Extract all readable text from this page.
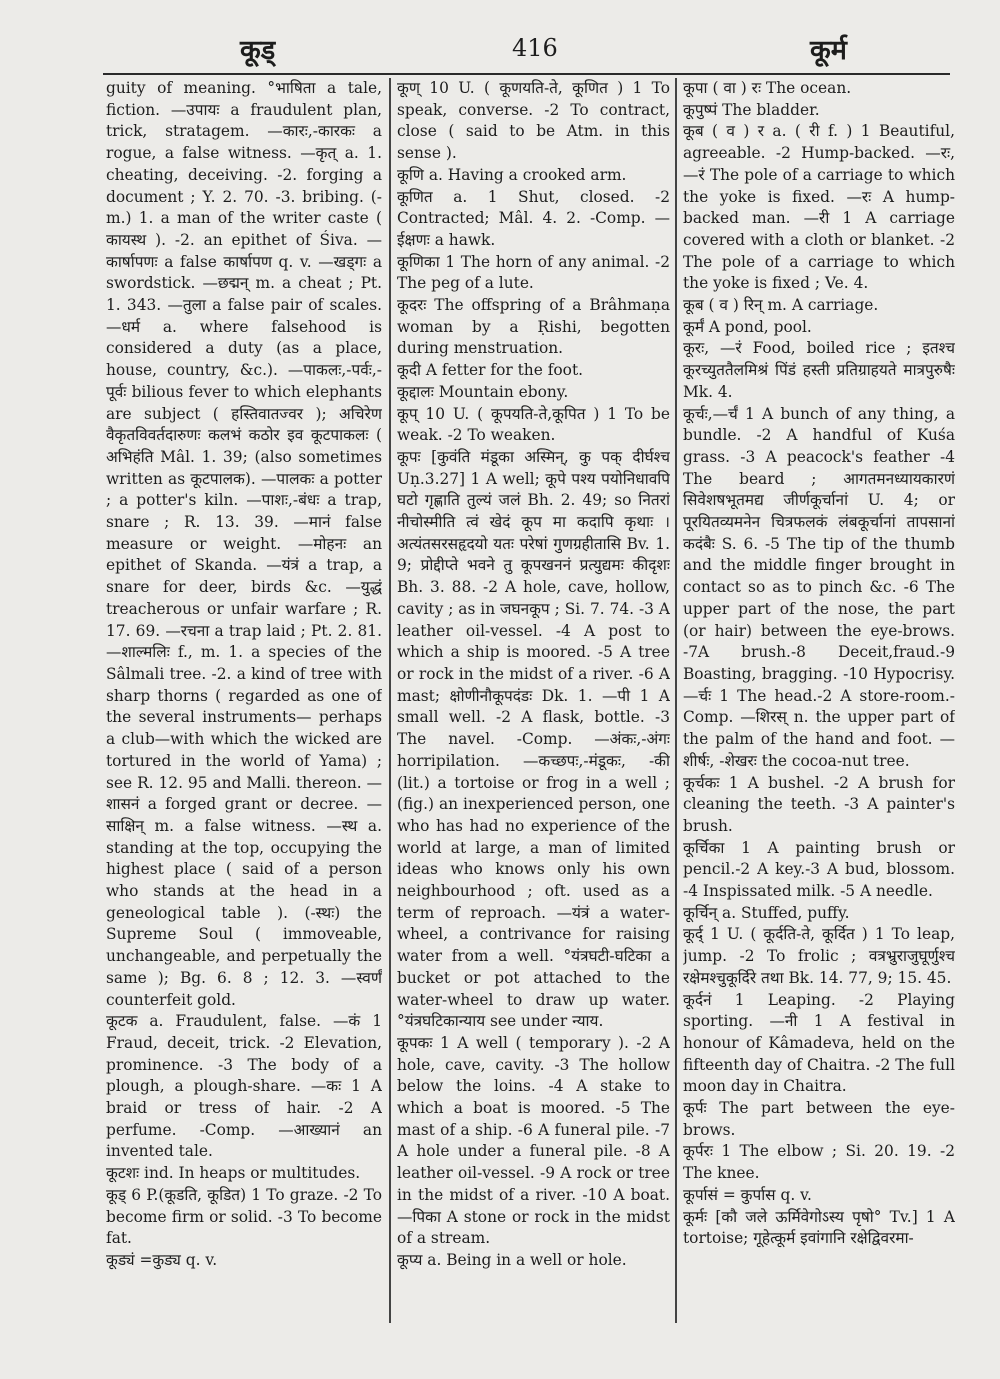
कूड्	416	कूर्म

guity of meaning. °भाषिता a tale, fiction. —उपायः a fraudulent plan, trick, stratagem. —कारः,-कारकः a rogue, a false witness. —कृत् a. 1. cheating, deceiving. -2. forging a document ; Y. 2. 70. -3. bribing. (-m.) 1. a man of the writer caste ( कायस्थ ). -2. an epithet of Śiva. —कार्षापणः a false कार्षापण q. v. —खड्गः a swordstick. —छद्मन् m. a cheat ; Pt. 1. 343. —तुला a false pair of scales. —धर्म a. where falsehood is considered a duty (as a place, house, country, &c.). —पाकलः,-पर्वः,-पूर्वः bilious fever to which elephants are subject ( हस्तिवातज्वर ); अचिरेण वैकृतविवर्तदारुणः कलभं कठोर इव कूटपाकलः ( अभिहंति Mâl. 1. 39; (also sometimes written as कूटपालक). —पालकः a potter ; a potter's kiln. —पाशः,-बंधः a trap, snare ; R. 13. 39. —मानं false measure or weight. —मोहनः an epithet of Skanda. —यंत्रं a trap, a snare for deer, birds &c. —युद्धं treacherous or unfair warfare ; R. 17. 69. —रचना a trap laid ; Pt. 2. 81. —शाल्मलिः f., m. 1. a species of the Sâlmali tree. -2. a kind of tree with sharp thorns ( regarded as one of the several instruments— perhaps a club—with which the wicked are tortured in the world of Yama) ; see R. 12. 95 and Malli. thereon. —शासनं a forged grant or decree. —साक्षिन् m. a false witness. —स्थ a. standing at the top, occupying the highest place ( said of a person who stands at the head in a geneological table ). (-स्थः) the Supreme Soul ( immoveable, unchangeable, and perpetually the same ); Bg. 6. 8 ; 12. 3. —स्वर्णं counterfeit gold.

कूटक a. Fraudulent, false. —कं 1 Fraud, deceit, trick. -2 Elevation, prominence. -3 The body of a plough, a plough-share. —कः 1 A braid or tress of hair. -2 A perfume. -Comp. —आख्यानं an invented tale.

कूटशः ind. In heaps or multitudes.

कूड् 6 P.(कूडति, कूडित) 1 To graze. -2 To become firm or solid. -3 To become fat.

कूड्यं =कुड्य q. v.

कूण् 10 U. ( कूणयति-ते, कूणित ) 1 To speak, converse. -2 To contract, close ( said to be Atm. in this sense ).

कूणि a. Having a crooked arm.

कूणित a. 1 Shut, closed. -2 Contracted; Mâl. 4. 2. -Comp. —ईक्षणः a hawk.

कूणिका 1 The horn of any animal. -2 The peg of a lute.

कूदरः The offspring of a Brâhmaṇa woman by a Ṛishi, begotten during menstruation.

कूदी A fetter for the foot.

कूद्दालः Mountain ebony.

कूप् 10 U. ( कूपयति-ते,कूपित ) 1 To be weak. -2 To weaken.

कूपः [कुवंति मंडूका अस्मिन्, कु पक् दीर्घश्च Uṇ.3.27] 1 A well; कूपे पश्य पयोनिधावपि घटो गृह्णाति तुल्यं जलं Bh. 2. 49; so नितरां नीचोस्मीति त्वं खेदं कूप मा कदापि कृथाः । अत्यंतसरसहृदयो यतः परेषां गुणग्रहीतासि Bv. 1. 9; प्रोद्दीप्ते भवने तु कूपखननं प्रत्युद्यमः कीदृशः Bh. 3. 88. -2 A hole, cave, hollow, cavity ; as in जघनकूप ; Si. 7. 74. -3 A leather oil-vessel. -4 A post to which a ship is moored. -5 A tree or rock in the midst of a river. -6 A mast; क्षोणीनौकूपदंडः Dk. 1. —पी 1 A small well. -2 A flask, bottle. -3 The navel. -Comp. —अंकः,-अंगः horripilation. —कच्छपः,-मंडूकः, -की (lit.) a tortoise or frog in a well ; (fig.) an inexperienced person, one who has had no experience of the world at large, a man of limited ideas who knows only his own neighbourhood ; oft. used as a term of reproach. —यंत्रं a water-wheel, a contrivance for raising water from a well. °यंत्रघटी-घटिका a bucket or pot attached to the water-wheel to draw up water. °यंत्रघटिकान्याय see under न्याय.

कूपकः 1 A well ( temporary ). -2 A hole, cave, cavity. -3 The hollow below the loins. -4 A stake to which a boat is moored. -5 The mast of a ship. -6 A funeral pile. -7 A hole under a funeral pile. -8 A leather oil-vessel. -9 A rock or tree in the midst of a river. -10 A boat. —पिका A stone or rock in the midst of a stream.

कूप्य a. Being in a well or hole.

कूपा ( वा ) रः The ocean.

कूपुष्पं The bladder.

कूब ( व ) र a. ( री f. ) 1 Beautiful, agreeable. -2 Hump-backed. —रः, —रं The pole of a carriage to which the yoke is fixed. —रः A hump-backed man. —री 1 A carriage covered with a cloth or blanket. -2 The pole of a carriage to which the yoke is fixed ; Ve. 4.

कूब ( व ) रिन् m. A carriage.

कूर्मं A pond, pool.

कूरः, —रं Food, boiled rice ; इतश्च कूरच्युततैलमिश्रं पिंडं हस्ती प्रतिग्राहयते मात्रपुरुषैः Mk. 4.

कूर्चः,—र्चं 1 A bunch of any thing, a bundle. -2 A handful of Kuśa grass. -3 A peacock's feather -4 The beard ; आगतमनध्यायकारणं सिवेशषभूतमद्य जीर्णकूर्चानां U. 4; or पूरयितव्यमनेन चित्रफलकं लंबकूर्चानां तापसानां कदंबैः S. 6. -5 The tip of the thumb and the middle finger brought in contact so as to pinch &c. -6 The upper part of the nose, the part (or hair) between the eye-brows. -7A brush.-8 Deceit,fraud.-9 Boasting, bragging. -10 Hypocrisy. —र्चः 1 The head.-2 A store-room.-Comp. —शिरस् n. the upper part of the palm of the hand and foot. —शीर्षः, -शेखरः the cocoa-nut tree.

कूर्चकः 1 A bushel. -2 A brush for cleaning the teeth. -3 A painter's brush.

कूर्चिका 1 A painting brush or pencil.-2 A key.-3 A bud, blossom. -4 Inspissated milk. -5 A needle.

कूर्चिन् a. Stuffed, puffy.

कूर्द् 1 U. ( कूर्दति-ते, कूर्दित ) 1 To leap, jump. -2 To frolic ; वत्रभ्रुराजुघूर्णुश्च रक्षेमश्चुकूर्दिरे तथा Bk. 14. 77, 9; 15. 45.

कूर्दनं 1 Leaping. -2 Playing sporting. —नी 1 A festival in honour of Kâmadeva, held on the fifteenth day of Chaitra. -2 The full moon day in Chaitra.

कूर्पः The part between the eye-brows.

कूर्परः 1 The elbow ; Si. 20. 19. -2 The knee.

कूर्पासं = कुर्पास q. v.

कूर्मः [कौ जले ऊर्मिवेगोऽस्य पृषो° Tv.] 1 A tortoise; गूहेत्कूर्म इवांगानि रक्षेद्विवरमा-
